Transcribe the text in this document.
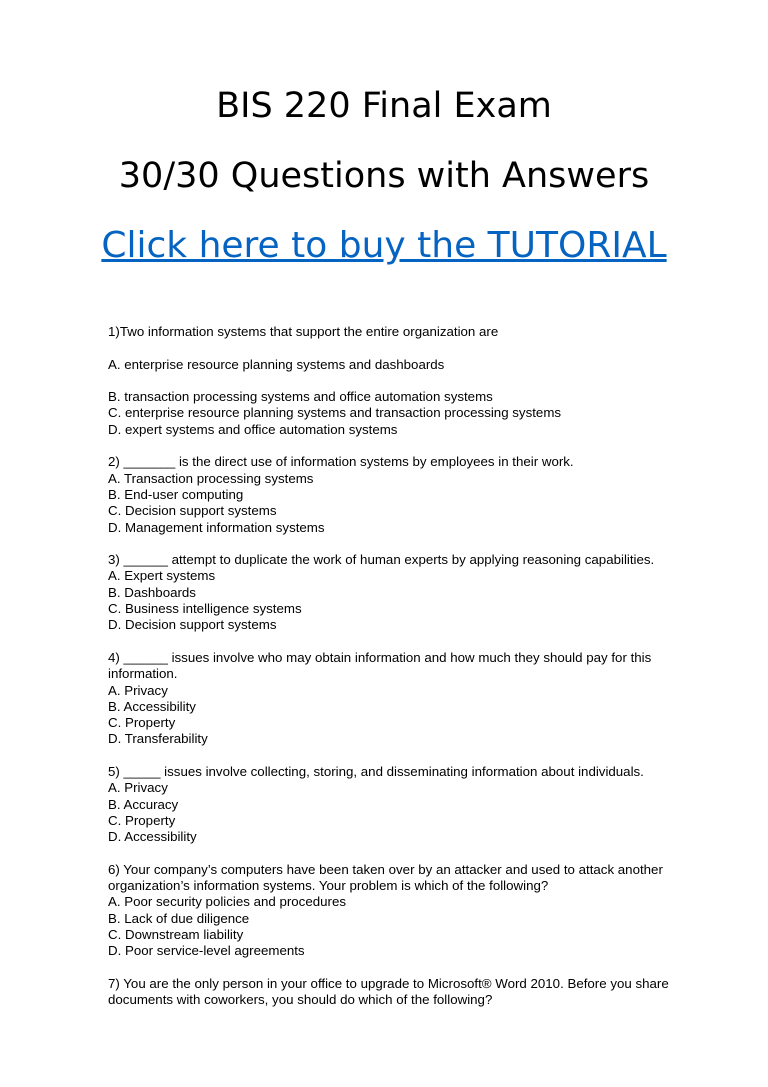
BIS 220 Final Exam
30/30 Questions with Answers
Click here to buy the TUTORIAL
1)Two information systems that support the entire organization are
A. enterprise resource planning systems and dashboards
B. transaction processing systems and office automation systems
C. enterprise resource planning systems and transaction processing systems
D. expert systems and office automation systems
2) _______ is the direct use of information systems by employees in their work.
A. Transaction processing systems
B. End-user computing
C. Decision support systems
D. Management information systems
3) ______ attempt to duplicate the work of human experts by applying reasoning capabilities.
A. Expert systems
B. Dashboards
C. Business intelligence systems
D. Decision support systems
4) ______ issues involve who may obtain information and how much they should pay for this
information.
A. Privacy
B. Accessibility
C. Property
D. Transferability
5) _____ issues involve collecting, storing, and disseminating information about individuals.
A. Privacy
B. Accuracy
C. Property
D. Accessibility
6) Your company’s computers have been taken over by an attacker and used to attack another
organization’s information systems. Your problem is which of the following?
A. Poor security policies and procedures
B. Lack of due diligence
C. Downstream liability
D. Poor service-level agreements
7) You are the only person in your office to upgrade to Microsoft® Word 2010. Before you share
documents with coworkers, you should do which of the following?
